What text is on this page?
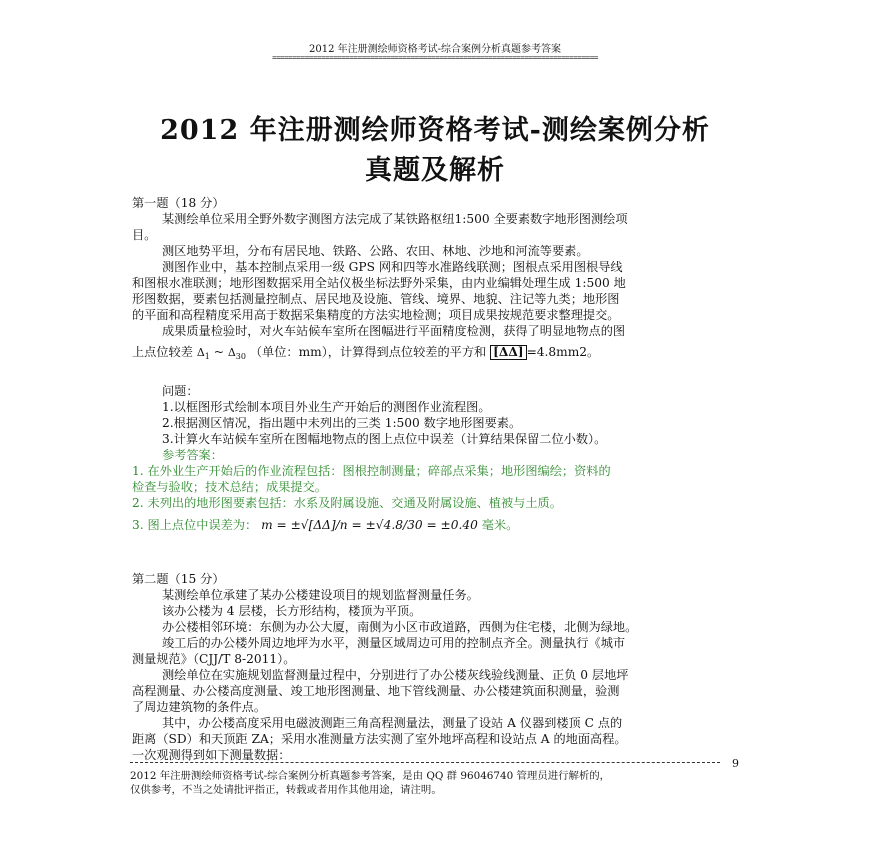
2012 年注册测绘师资格考试-综合案例分析真题参考答案
================================================================================
2012 年注册测绘师资格考试-测绘案例分析
真题及解析
第一题（18 分）
某测绘单位采用全野外数字测图方法完成了某铁路枢纽1:500 全要素数字地形图测绘项
目。
测区地势平坦，分布有居民地、铁路、公路、农田、林地、沙地和河流等要素。
测图作业中，基本控制点采用一级 GPS 网和四等水准路线联测；图根点采用图根导线
和图根水准联测；地形图数据采用全站仪极坐标法野外采集，由内业编辑处理生成 1:500 地
形图数据，要素包括测量控制点、居民地及设施、管线、境界、地貌、注记等九类；地形图
的平面和高程精度采用高于数据采集精度的方法实地检测；项目成果按规范要求整理提交。
成果质量检验时，对火车站候车室所在图幅进行平面精度检测，获得了明显地物点的图
上点位较差 $\Delta_1$ ~ $\Delta_{30}$ （单位：mm），计算得到点位较差的平方和 [ΔΔ] =4.8mm2。
问题：
1.以框图形式绘制本项目外业生产开始后的测图作业流程图。
2.根据测区情况，指出题中未列出的三类 1:500 数字地形图要素。
3.计算火车站候车室所在图幅地物点的图上点位中误差（计算结果保留二位小数）。
参考答案：
1. 在外业生产开始后的作业流程包括：图根控制测量；碎部点采集；地形图编绘；资料的
检查与验收；技术总结；成果提交。
2. 未列出的地形图要素包括：水系及附属设施、交通及附属设施、植被与土质。
3. 图上点位中误差为： m = ±√[ΔΔ]/n = ±√4.8/30 = ±0.40 毫米。
第二题（15 分）
某测绘单位承建了某办公楼建设项目的规划监督测量任务。
该办公楼为 4 层楼，长方形结构，楼顶为平顶。
办公楼相邻环境：东侧为办公大厦，南侧为小区市政道路，西侧为住宅楼，北侧为绿地。
竣工后的办公楼外周边地坪为水平，测量区域周边可用的控制点齐全。测量执行《城市
测量规范》（CJJ/T 8-2011）。
测绘单位在实施规划监督测量过程中，分别进行了办公楼灰线验线测量、正负 0 层地坪
高程测量、办公楼高度测量、竣工地形图测量、地下管线测量、办公楼建筑面积测量，验测
了周边建筑物的条件点。
其中，办公楼高度采用电磁波测距三角高程测量法，测量了设站 A 仪器到楼顶 C 点的
距离（SD）和天顶距 ZA；采用水准测量方法实测了室外地坪高程和设站点 A 的地面高程。
一次观测得到如下测量数据：
9
2012 年注册测绘师资格考试-综合案例分析真题参考答案，是由 QQ 群 96046740 管理员进行解析的，
仅供参考，不当之处请批评指正，转载或者用作其他用途，请注明。
